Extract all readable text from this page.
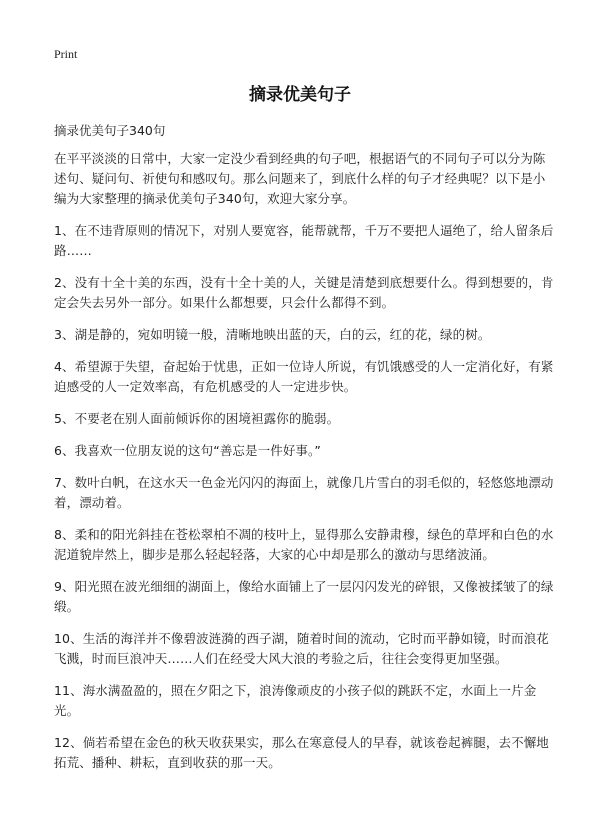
Print
摘录优美句子

摘录优美句子340句

在平平淡淡的日常中，大家一定没少看到经典的句子吧，根据语气的不同句子可以分为陈述句、疑问句、祈使句和感叹句。那么问题来了，到底什么样的句子才经典呢？以下是小编为大家整理的摘录优美句子340句，欢迎大家分享。

1、在不违背原则的情况下，对别人要宽容，能帮就帮，千万不要把人逼绝了，给人留条后路……

2、没有十全十美的东西，没有十全十美的人，关键是清楚到底想要什么。得到想要的，肯定会失去另外一部分。如果什么都想要，只会什么都得不到。

3、湖是静的，宛如明镜一般，清晰地映出蓝的天，白的云，红的花，绿的树。

4、希望源于失望，奋起始于忧患，正如一位诗人所说，有饥饿感受的人一定消化好，有紧迫感受的人一定效率高，有危机感受的人一定进步快。

5、不要老在别人面前倾诉你的困境袒露你的脆弱。

6、我喜欢一位朋友说的这句“善忘是一件好事。”

7、数叶白帆，在这水天一色金光闪闪的海面上，就像几片雪白的羽毛似的，轻悠悠地漂动着，漂动着。

8、柔和的阳光斜挂在苍松翠柏不凋的枝叶上，显得那么安静肃穆，绿色的草坪和白色的水泥道貌岸然上，脚步是那么轻起轻落，大家的心中却是那么的激动与思绪波涌。

9、阳光照在波光细细的湖面上，像给水面铺上了一层闪闪发光的碎银，又像被揉皱了的绿缎。

10、生活的海洋并不像碧波涟漪的西子湖，随着时间的流动，它时而平静如镜，时而浪花飞溅，时而巨浪冲天……人们在经受大风大浪的考验之后，往往会变得更加坚强。

11、海水满盈盈的，照在夕阳之下，浪涛像顽皮的小孩子似的跳跃不定，水面上一片金光。

12、倘若希望在金色的秋天收获果实，那么在寒意侵人的早春，就该卷起裤腿，去不懈地拓荒、播种、耕耘，直到收获的那一天。
